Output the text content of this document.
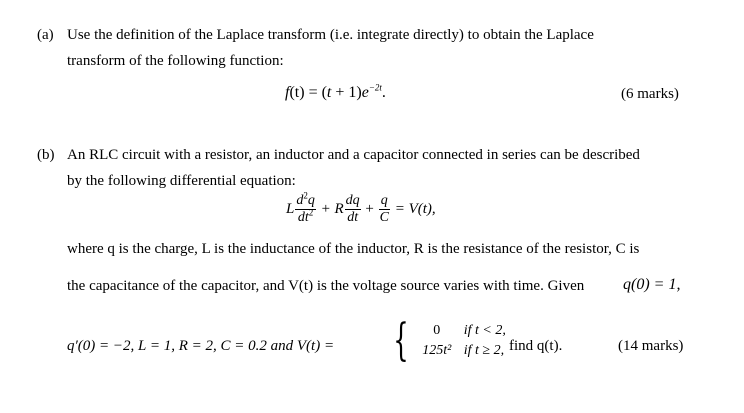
(a) Use the definition of the Laplace transform (i.e. integrate directly) to obtain the Laplace
transform of the following function:
$f(t) = (t + 1)e^{-2t}$.	(6 marks)
(b) An RLC circuit with a resistor, an inductor and a capacitor connected in series can be described
by the following differential equation:
L $\frac{d^2q}{dt^2} + R \frac{dq}{dt} + \frac{q}{C} = V(t)$,
where q is the charge, L is the inductance of the inductor, R is the resistance of the resistor, C is
the capacitance of the capacitor, and V(t) is the voltage source varies with time. Given q(0) = 1,
q′(0) = −2, L = 1, R = 2, C = 0.2 and V(t) = {	0 if t < 2,
125t² if t ≥ 2, find q(t).	(14 marks)
